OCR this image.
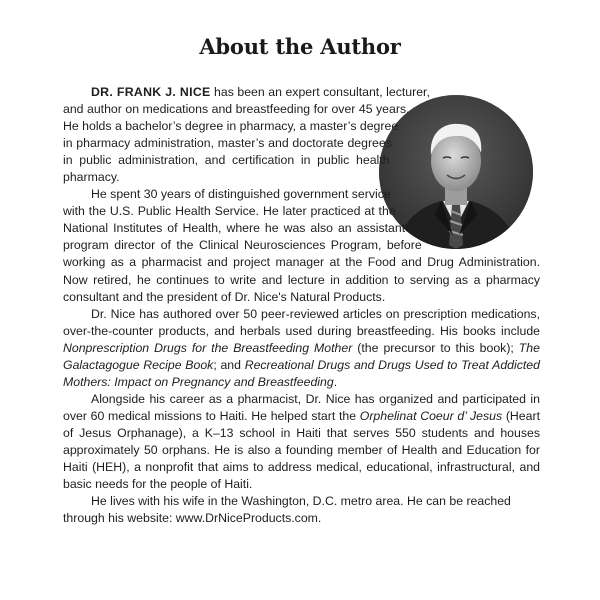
About the Author

DR. FRANK J. NICE has been an expert consultant, lecturer, and author on medications and breastfeeding for over 45 years. He holds a bachelor’s degree in pharmacy, a master’s degree in pharmacy administration, master’s and doctorate degrees in public administration, and certification in public health pharmacy.

He spent 30 years of distinguished government service with the U.S. Public Health Service. He later practiced at the National Institutes of Health, where he was also an assistant program director of the Clinical Neurosciences Program, before working as a pharmacist and project manager at the Food and Drug Administration. Now retired, he continues to write and lecture in addition to serving as a pharmacy consultant and the president of Dr. Nice's Natural Products.

Dr. Nice has authored over 50 peer-reviewed articles on prescription medications, over-the-counter products, and herbals used during breastfeeding. His books include Nonprescription Drugs for the Breastfeeding Mother (the precursor to this book); The Galactagogue Recipe Book; and Recreational Drugs and Drugs Used to Treat Addicted Mothers: Impact on Pregnancy and Breastfeeding.

Alongside his career as a pharmacist, Dr. Nice has organized and participated in over 60 medical missions to Haiti. He helped start the Orphelinat Coeur d’ Jesus (Heart of Jesus Orphanage), a K–13 school in Haiti that serves 550 students and houses approximately 50 orphans. He is also a founding member of Health and Education for Haiti (HEH), a nonprofit that aims to address medical, educational, infrastructural, and basic needs for the people of Haiti.

He lives with his wife in the Washington, D.C. metro area. He can be reached through his website: www.DrNiceProducts.com.
